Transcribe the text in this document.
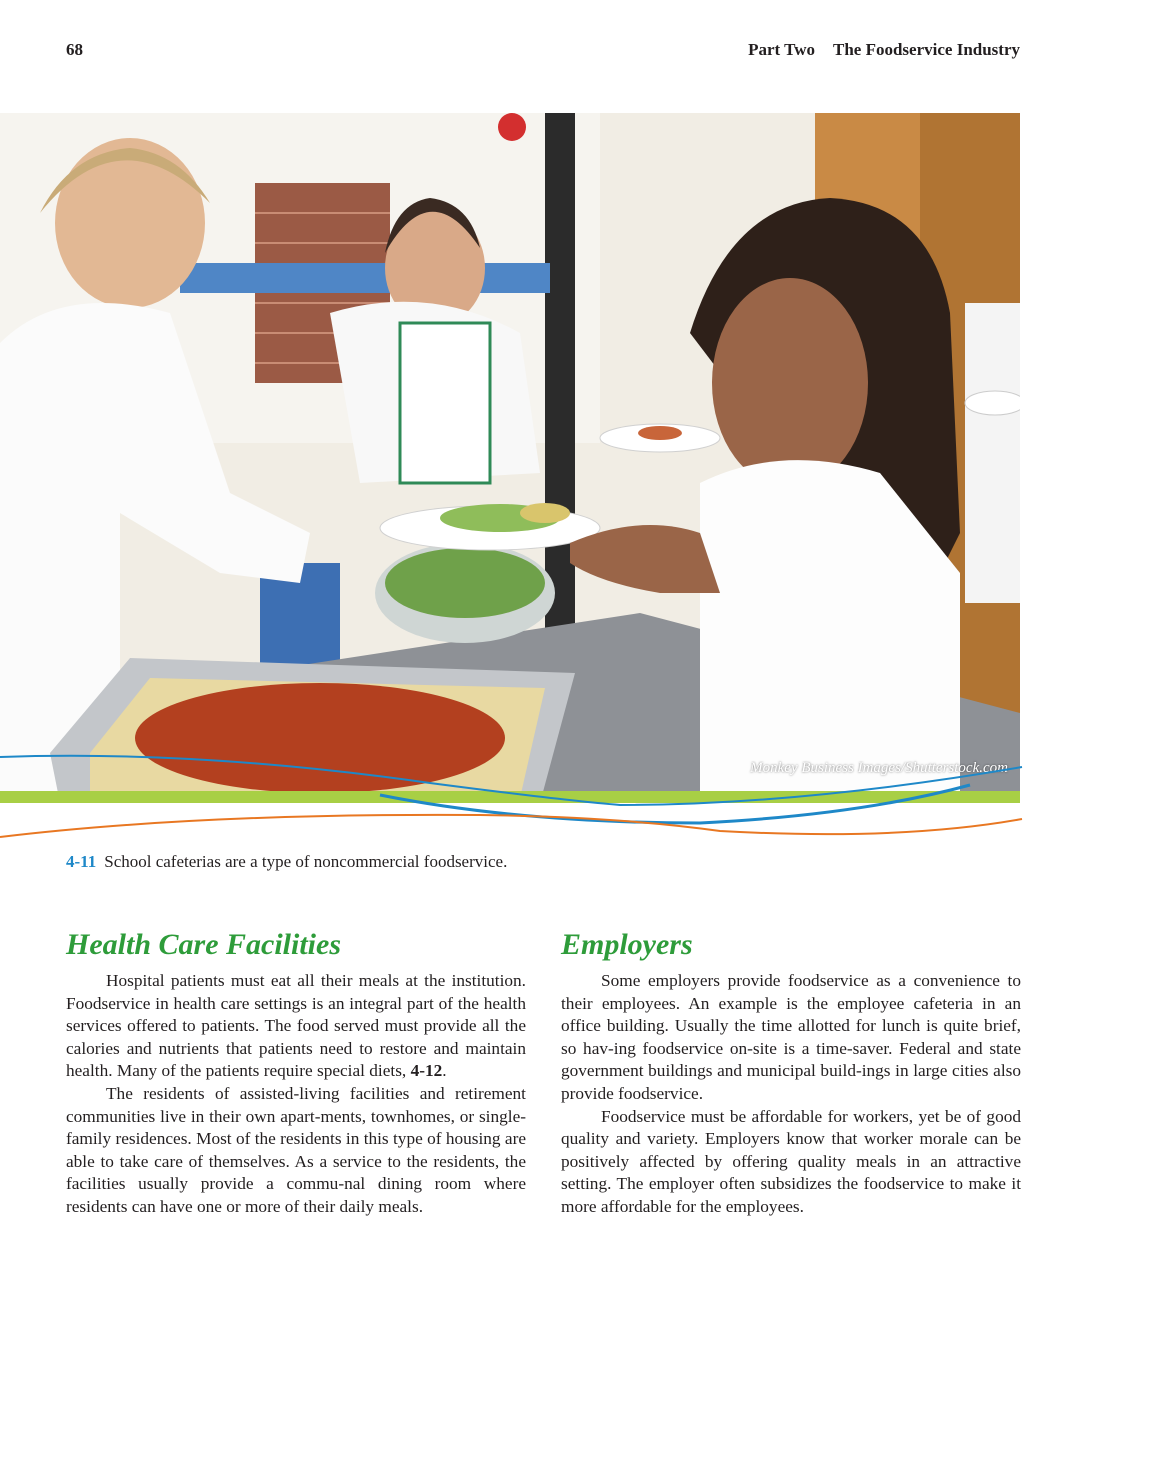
68	Part Two The Foodservice Industry
Monkey Business Images/Shutterstock.com
4-11 School cafeterias are a type of noncommercial foodservice.
Health Care Facilities

Hospital patients must eat all their meals at the institution. Foodservice in health care settings is an integral part of the health services offered to patients. The food served must provide all the calories and nutrients that patients need to restore and maintain health. Many of the patients require special diets, 4-12.

The residents of assisted-living facilities and retirement communities live in their own apart-ments, townhomes, or single-family residences. Most of the residents in this type of housing are able to take care of themselves. As a service to the residents, the facilities usually provide a commu-nal dining room where residents can have one or more of their daily meals.

Employers

Some employers provide foodservice as a convenience to their employees. An example is the employee cafeteria in an office building. Usually the time allotted for lunch is quite brief, so hav-ing foodservice on-site is a time-saver. Federal and state government buildings and municipal build-ings in large cities also provide foodservice.

Foodservice must be affordable for workers, yet be of good quality and variety. Employers know that worker morale can be positively affected by offering quality meals in an attractive setting. The employer often subsidizes the foodservice to make it more affordable for the employees.
